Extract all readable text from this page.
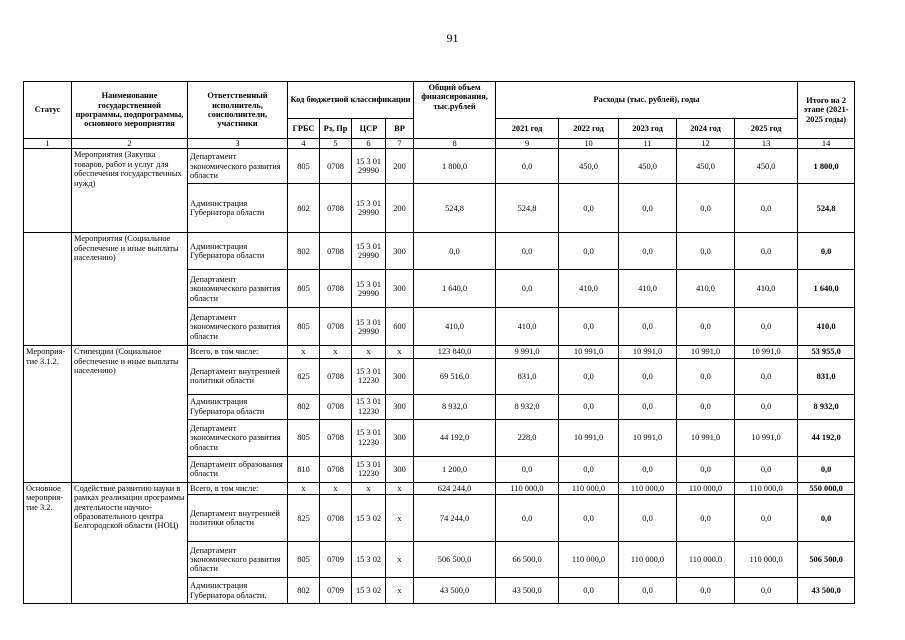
91
Статус	Наименование государственной программы, подпрограммы, основного мероприятия	Ответственный исполнитель, соисполнители, участники	Код бюджетной классификации				Общий объем финансирования, тыс.рублей	Расходы (тыс. рублей), годы					Итого на 2 этапе (2021-2025 годы)
			ГРБС	Рз, Пр	ЦСР	ВР		2021 год	2022 год	2023 год	2024 год	2025 год	
1	2	3	4	5	6	7	8	9	10	11	12	13	14
	Мероприятия (Закупка товаров, работ и услуг для обеспечения государственных нужд)	Департамент экономического развития области	805	0708	15 3 01 29990	200	1 800,0	0,0	450,0	450,0	450,0	450,0	1 800,0
		Администрация Губернатора области	802	0708	15 3 01 29990	200	524,8	524,8	0,0	0,0	0,0	0,0	524,8
	Мероприятия (Социальное обеспечение и иные выплаты населению)	Администрация Губернатора области	802	0708	15 3 01 29990	300	0,0	0,0	0,0	0,0	0,0	0,0	0,0
		Департамент экономического развития области	805	0708	15 3 01 29990	300	1 640,0	0,0	410,0	410,0	410,0	410,0	1 640,0
		Департамент экономического развития области	805	0708	15 3 01 29990	600	410,0	410,0	0,0	0,0	0,0	0,0	410,0
Мероприя-тие 3.1.2.	Стипендии (Социальное обеспечение и иные выплаты населению)	Всего, в том числе:	х	х	х	х	123 840,0	9 991,0	10 991,0	10 991,0	10 991,0	10 991,0	53 955,0
		Департамент внутренней политики области	825	0708	15 3 01 12230	300	69 516,0	831,0	0,0	0,0	0,0	0,0	831,0
		Администрация Губернатора области	802	0708	15 3 01 12230	300	8 932,0	8 932,0	0,0	0,0	0,0	0,0	8 932,0
		Департамент экономического развития области	805	0708	15 3 01 12230	300	44 192,0	228,0	10 991,0	10 991,0	10 991,0	10 991,0	44 192,0
		Департамент образования области	810	0708	15 3 01 12230	300	1 200,0	0,0	0,0	0,0	0,0	0,0	0,0
Основное мероприя-тие 3.2.	Содействие развитию науки в рамках реализации программы деятельности научно-образовательного центра Белгородской области (НОЦ)	Всего, в том числе:	х	х	х	х	624 244,0	110 000,0	110 000,0	110 000,0	110 000,0	110 000,0	550 000,0
		Департамент внутренней политики области	825	0708	15 3 02	х	74 244,0	0,0	0,0	0,0	0,0	0,0	0,0
		Департамент экономического развития области	805	0709	15 3 02	х	506 500,0	66 500,0	110 000,0	110 000,0	110 000,0	110 000,0	506 500,0
		Администрация Губернатора области.	802	0709	15 3 02	х	43 500,0	43 500,0	0,0	0,0	0,0	0,0	43 500,0
